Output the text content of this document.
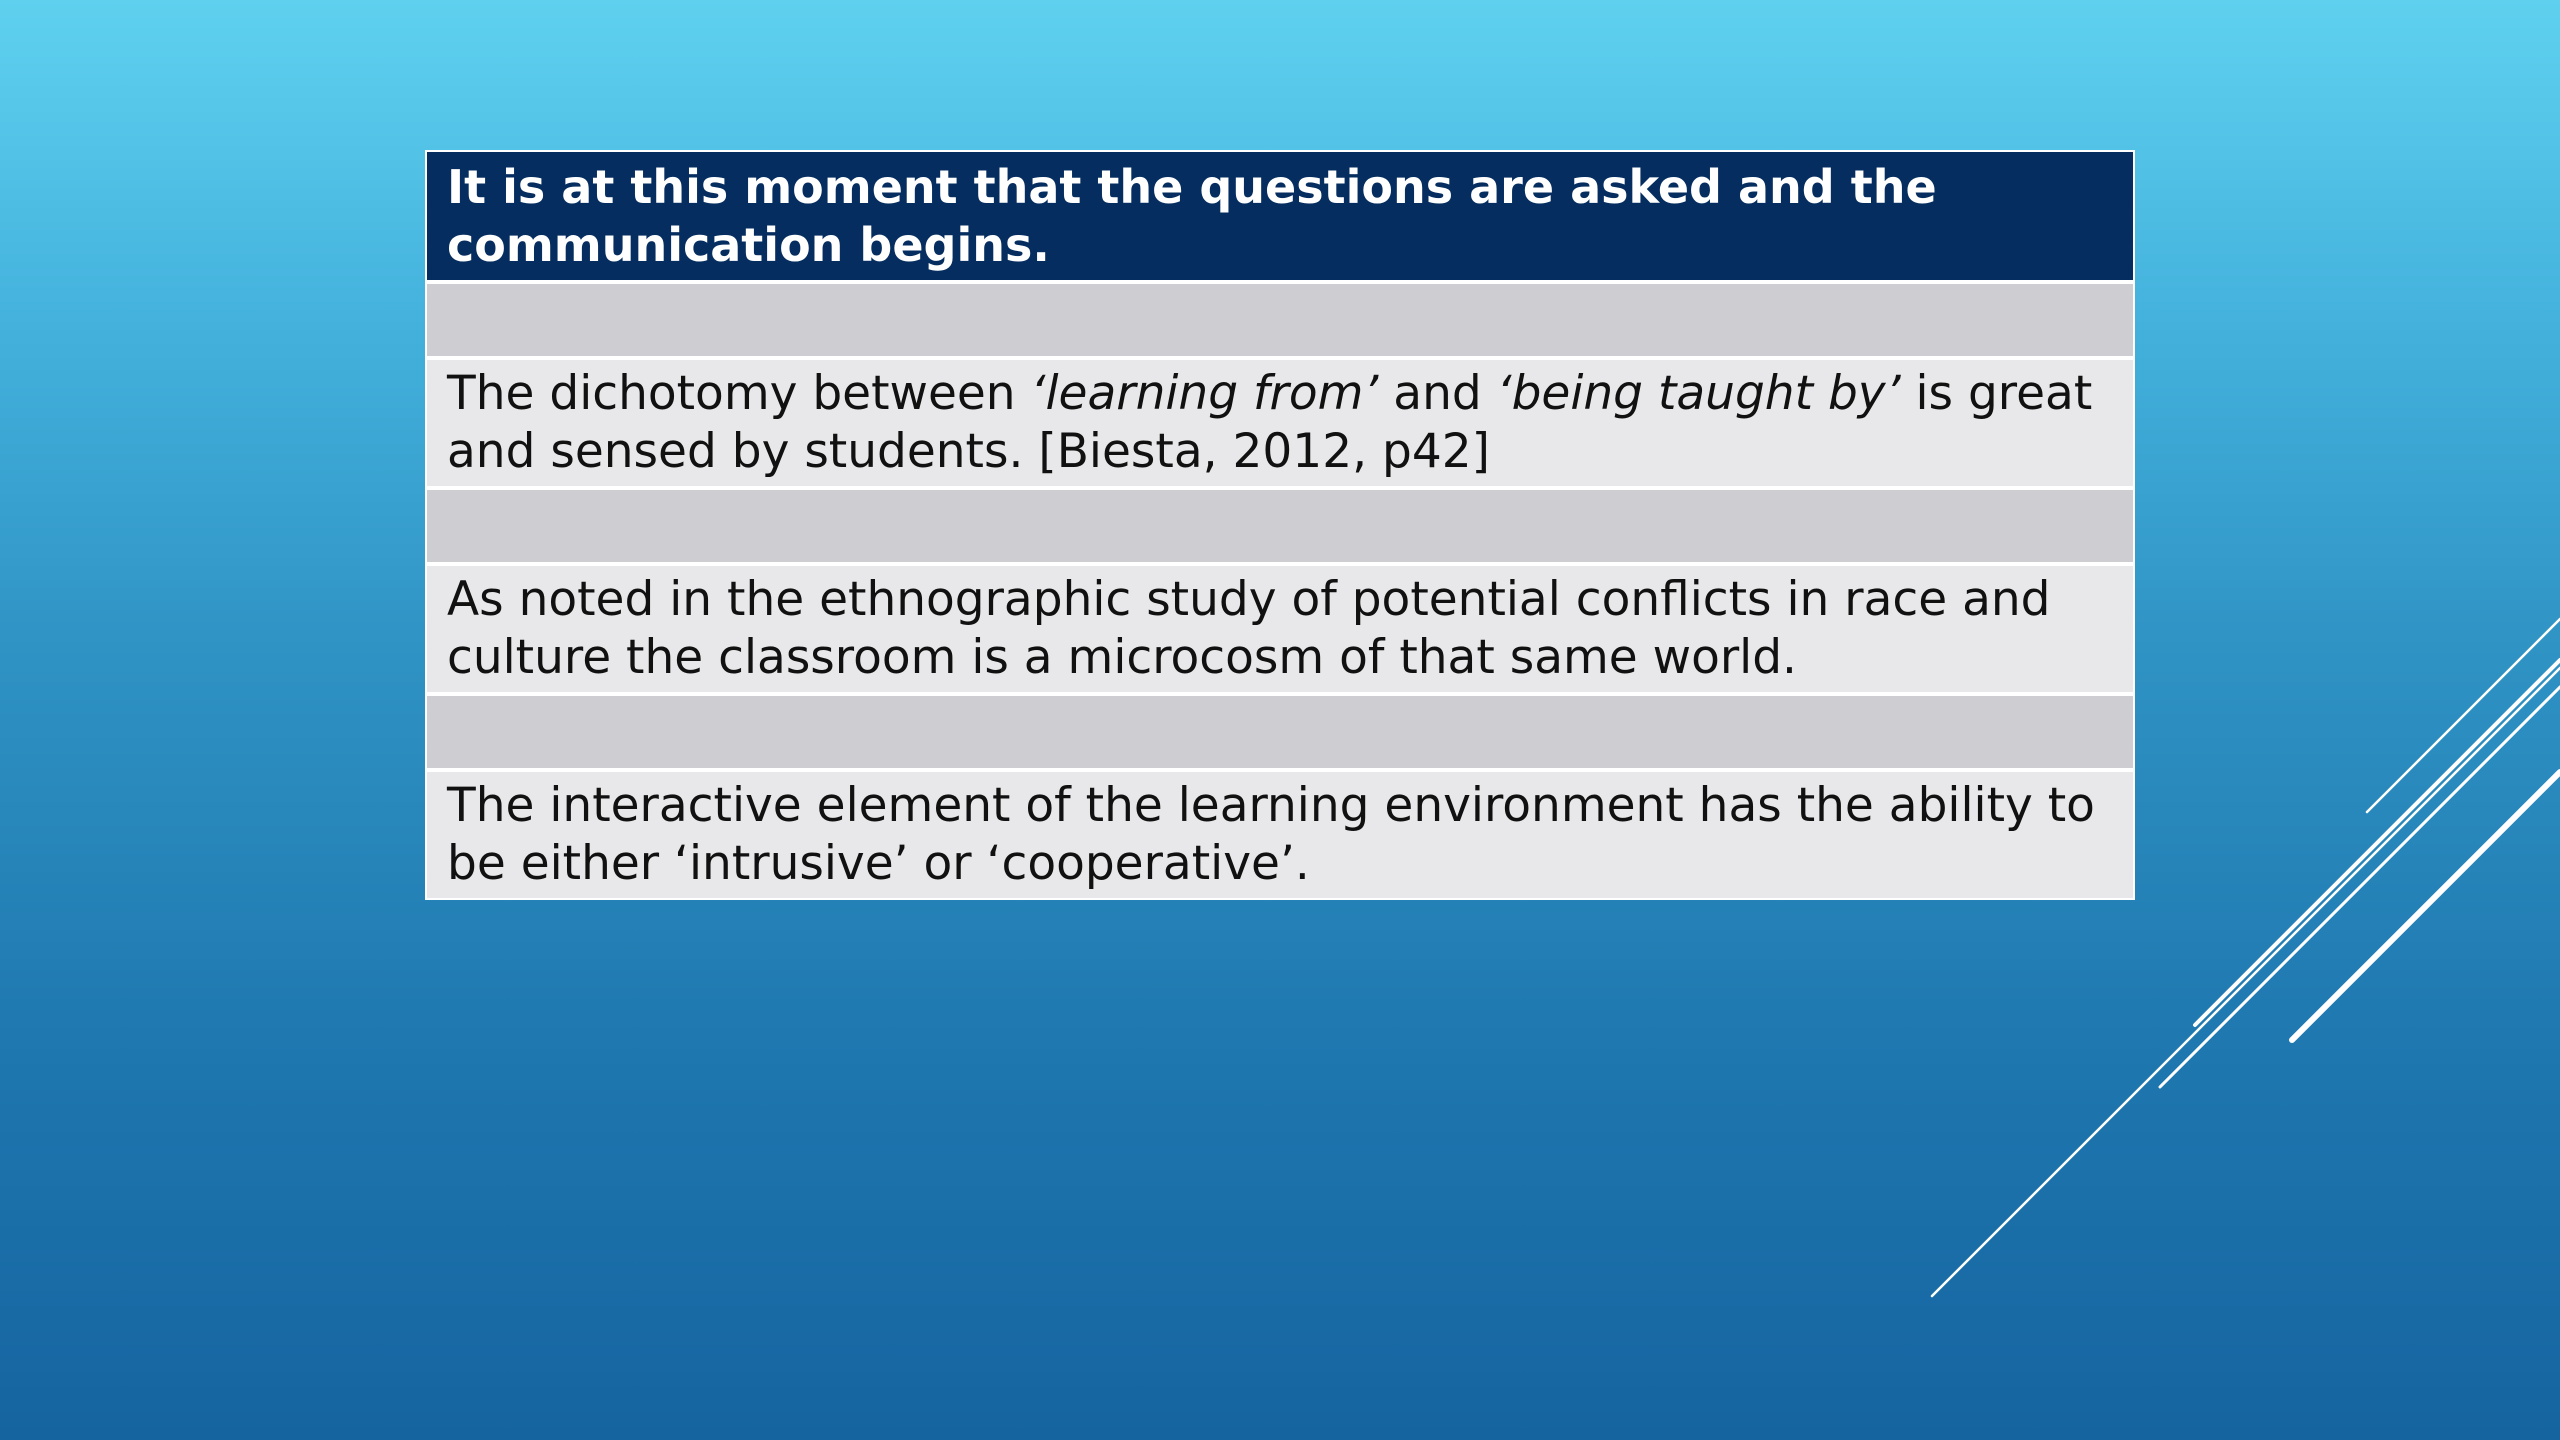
It is at this moment that the questions are asked and the communication begins.
The dichotomy between ‘learning from’ and ‘being taught by’ is great and sensed by students. [Biesta, 2012, p42]
As noted in the ethnographic study of potential conflicts in race and culture the classroom is a microcosm of that same world.
The interactive element of the learning environment has the ability to be either ‘intrusive’ or ‘cooperative’.
